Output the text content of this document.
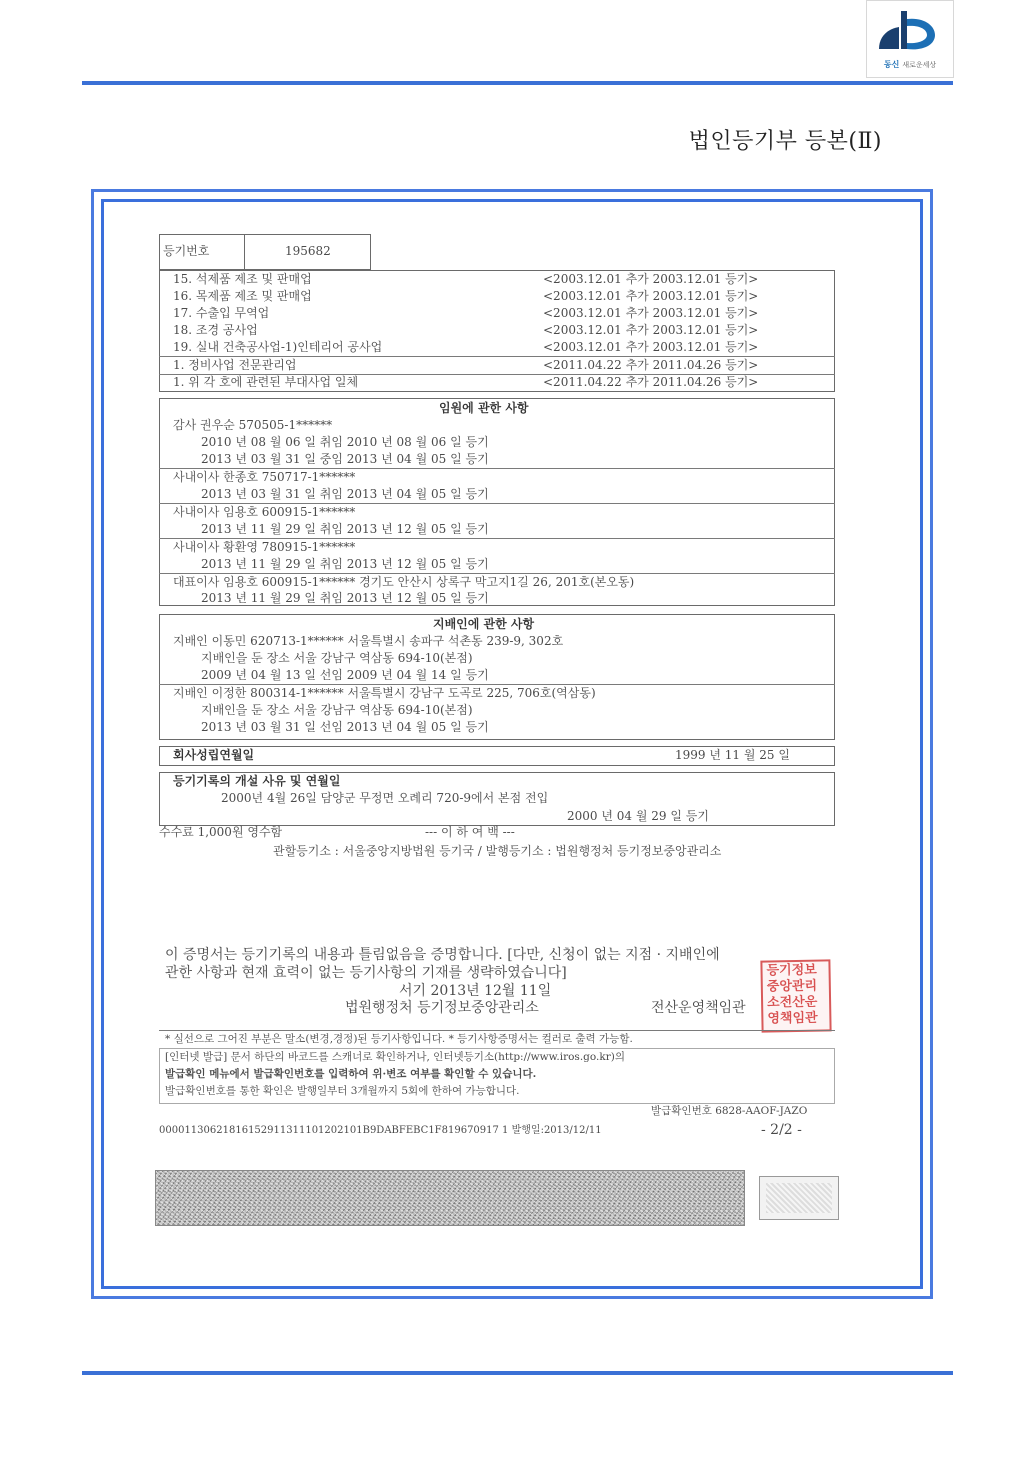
동신 새로운세상
법인등기부 등본(Ⅱ)
등기번호	195682
15. 석제품 제조 및 판매업	<2003.12.01 추가 2003.12.01 등기>
16. 목제품 제조 및 판매업	<2003.12.01 추가 2003.12.01 등기>
17. 수출입 무역업	<2003.12.01 추가 2003.12.01 등기>
18. 조경 공사업	<2003.12.01 추가 2003.12.01 등기>
19. 실내 건축공사업-1)인테리어 공사업	<2003.12.01 추가 2003.12.01 등기>
1. 정비사업 전문관리업	<2011.04.22 추가 2011.04.26 등기>
1. 위 각 호에 관련된 부대사업 일체	<2011.04.22 추가 2011.04.26 등기>
임원에 관한 사항
감사 권우순 570505-1******
2010 년 08 월 06 일 취임 2010 년 08 월 06 일 등기
2013 년 03 월 31 일 중임 2013 년 04 월 05 일 등기
사내이사 한종호 750717-1******
2013 년 03 월 31 일 취임 2013 년 04 월 05 일 등기
사내이사 임용호 600915-1******
2013 년 11 월 29 일 취임 2013 년 12 월 05 일 등기
사내이사 황환영 780915-1******
2013 년 11 월 29 일 취임 2013 년 12 월 05 일 등기
대표이사 임용호 600915-1****** 경기도 안산시 상록구 막고지1길 26, 201호(본오동)
2013 년 11 월 29 일 취임 2013 년 12 월 05 일 등기
지배인에 관한 사항
지배인 이동민 620713-1****** 서울특별시 송파구 석촌동 239-9, 302호
지배인을 둔 장소 서울 강남구 역삼동 694-10(본점)
2009 년 04 월 13 일 선임 2009 년 04 월 14 일 등기
지배인 이정한 800314-1****** 서울특별시 강남구 도곡로 225, 706호(역삼동)
지배인을 둔 장소 서울 강남구 역삼동 694-10(본점)
2013 년 03 월 31 일 선임 2013 년 04 월 05 일 등기
회사성립연월일	1999 년 11 월 25 일
등기기록의 개설 사유 및 연월일
2000년 4월 26일 담양군 무정면 오례리 720-9에서 본점 전입
2000 년 04 월 29 일 등기
수수료 1,000원 영수함	--- 이 하 여 백 ---
관할등기소 : 서울중앙지방법원 등기국 / 발행등기소 : 법원행정처 등기정보중앙관리소
이 증명서는 등기기록의 내용과 틀림없음을 증명합니다. [다만, 신청이 없는 지점 · 지배인에
관한 사항과 현재 효력이 없는 등기사항의 기재를 생략하였습니다]
서기 2013년 12월 11일
법원행정처 등기정보중앙관리소	전산운영책임관
등기정보
중앙관리
소전산운
영책임관
* 실선으로 그어진 부분은 말소(변경,경정)된 등기사항입니다. * 등기사항증명서는 컬러로 출력 가능함.
[인터넷 발급] 문서 하단의 바코드를 스캐너로 확인하거나, 인터넷등기소(http://www.iros.go.kr)의
발급확인 메뉴에서 발급확인번호를 입력하여 위·변조 여부를 확인할 수 있습니다.
발급확인번호를 통한 확인은 발행일부터 3개월까지 5회에 한하여 가능합니다.
발급확인번호 6828-AAOF-JAZO
00001130621816152911311101202101B9DABFEBC1F819670917 1 발행일:2013/12/11	- 2/2 -
